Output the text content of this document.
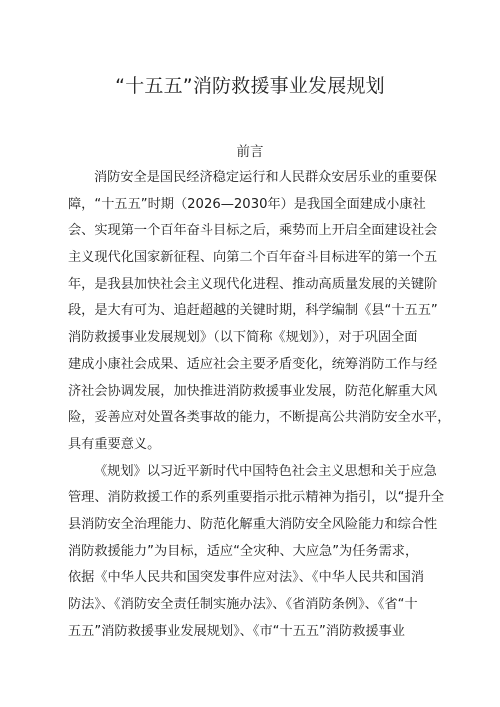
“十五五”消防救援事业发展规划
前言
消防安全是国民经济稳定运行和人民群众安居乐业的重要保
障，“十五五”时期（2026—2030年）是我国全面建成小康社
会、实现第一个百年奋斗目标之后，乘势而上开启全面建设社会
主义现代化国家新征程、向第二个百年奋斗目标进军的第一个五
年，是我县加快社会主义现代化进程、推动高质量发展的关键阶
段，是大有可为、追赶超越的关键时期，科学编制《县“十五五”
消防救援事业发展规划》（以下简称《规划》），对于巩固全面
建成小康社会成果、适应社会主要矛盾变化，统筹消防工作与经
济社会协调发展，加快推进消防救援事业发展，防范化解重大风
险，妥善应对处置各类事故的能力，不断提高公共消防安全水平，
具有重要意义。
《规划》以习近平新时代中国特色社会主义思想和关于应急
管理、消防救援工作的系列重要指示批示精神为指引，以“提升全
县消防安全治理能力、防范化解重大消防安全风险能力和综合性
消防救援能力”为目标，适应“全灾种、大应急”为任务需求，
依据《中华人民共和国突发事件应对法》、《中华人民共和国消
防法》、《消防安全责任制实施办法》、《省消防条例》、《省“十
五五”消防救援事业发展规划》、《市“十五五”消防救援事业
